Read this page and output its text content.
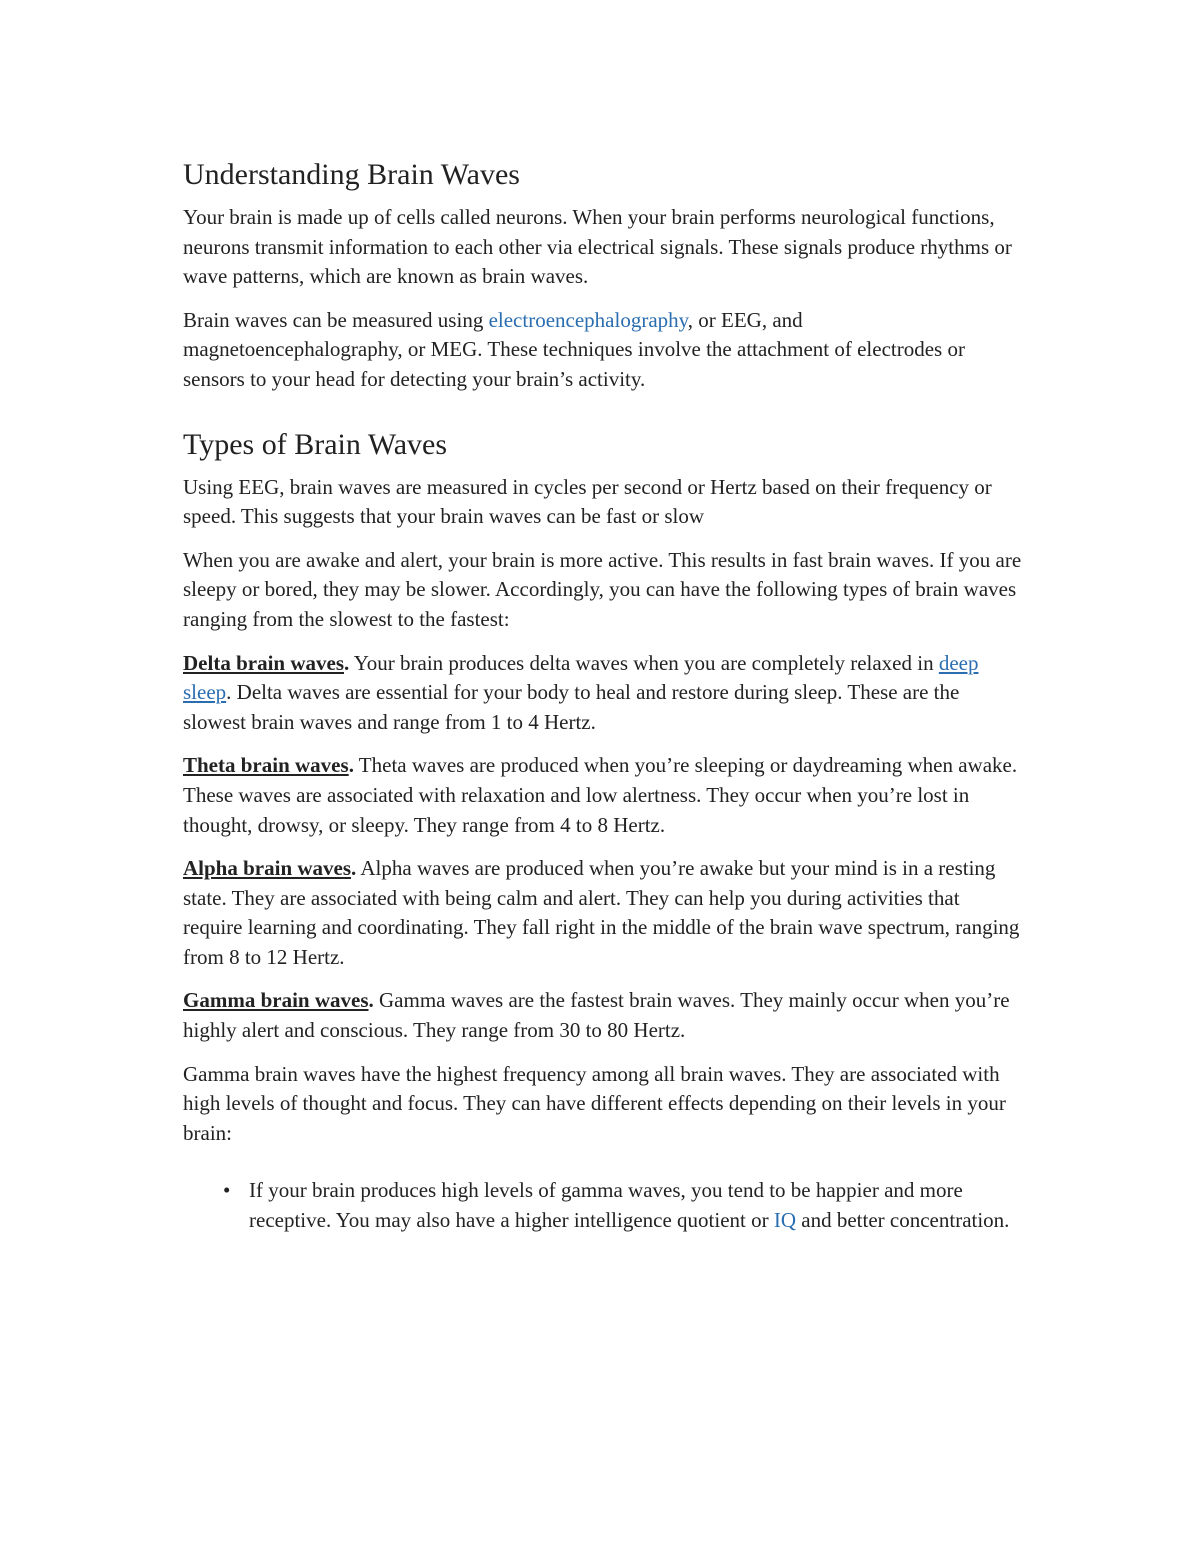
Understanding Brain Waves

Your brain is made up of cells called neurons. When your brain performs neurological functions, neurons transmit information to each other via electrical signals. These signals produce rhythms or wave patterns, which are known as brain waves.

Brain waves can be measured using electroencephalography, or EEG, and magnetoencephalography, or MEG. These techniques involve the attachment of electrodes or sensors to your head for detecting your brain’s activity.

Types of Brain Waves

Using EEG, brain waves are measured in cycles per second or Hertz based on their frequency or speed. This suggests that your brain waves can be fast or slow

When you are awake and alert, your brain is more active. This results in fast brain waves. If you are sleepy or bored, they may be slower. Accordingly, you can have the following types of brain waves ranging from the slowest to the fastest:

Delta brain waves. Your brain produces delta waves when you are completely relaxed in deep sleep. Delta waves are essential for your body to heal and restore during sleep. These are the slowest brain waves and range from 1 to 4 Hertz.

Theta brain waves. Theta waves are produced when you’re sleeping or daydreaming when awake. These waves are associated with relaxation and low alertness. They occur when you’re lost in thought, drowsy, or sleepy. They range from 4 to 8 Hertz.

Alpha brain waves. Alpha waves are produced when you’re awake but your mind is in a resting state. They are associated with being calm and alert. They can help you during activities that require learning and coordinating. They fall right in the middle of the brain wave spectrum, ranging from 8 to 12 Hertz.

Gamma brain waves. Gamma waves are the fastest brain waves. They mainly occur when you’re highly alert and conscious. They range from 30 to 80 Hertz.

Gamma brain waves have the highest frequency among all brain waves. They are associated with high levels of thought and focus. They can have different effects depending on their levels in your brain:

• If your brain produces high levels of gamma waves, you tend to be happier and more receptive. You may also have a higher intelligence quotient or IQ and better concentration.
